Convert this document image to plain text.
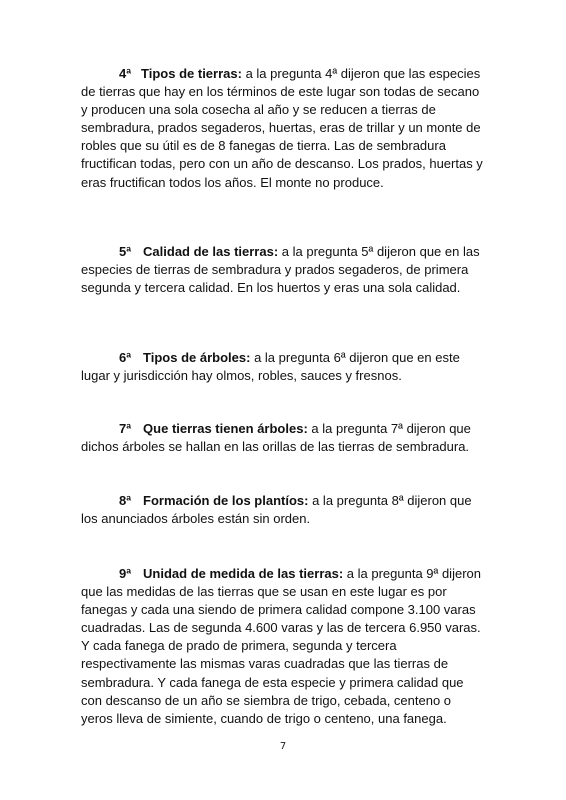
4ª Tipos de tierras: a la pregunta 4ª dijeron que las especies de tierras que hay en los términos de este lugar son todas de secano y producen una sola cosecha al año y se reducen a tierras de sembradura, prados segaderos, huertas, eras de trillar y un monte de robles que su útil es de 8 fanegas de tierra. Las de sembradura fructifican todas, pero con un año de descanso. Los prados, huertas y eras fructifican todos los años. El monte no produce.

5ª Calidad de las tierras: a la pregunta 5ª dijeron que en las especies de tierras de sembradura y prados segaderos, de primera segunda y tercera calidad. En los huertos y eras una sola calidad.

6ª Tipos de árboles: a la pregunta 6ª dijeron que en este lugar y jurisdicción hay olmos, robles, sauces y fresnos.

7ª Que tierras tienen árboles: a la pregunta 7ª dijeron que dichos árboles se hallan en las orillas de las tierras de sembradura.

8ª Formación de los plantíos: a la pregunta 8ª dijeron que los anunciados árboles están sin orden.

9ª Unidad de medida de las tierras: a la pregunta 9ª dijeron que las medidas de las tierras que se usan en este lugar es por fanegas y cada una siendo de primera calidad compone 3.100 varas cuadradas. Las de segunda 4.600 varas y las de tercera 6.950 varas. Y cada fanega de prado de primera, segunda y tercera respectivamente las mismas varas cuadradas que las tierras de sembradura. Y cada fanega de esta especie y primera calidad que con descanso de un año se siembra de trigo, cebada, centeno o yeros lleva de simiente, cuando de trigo o centeno, una fanega.

7
